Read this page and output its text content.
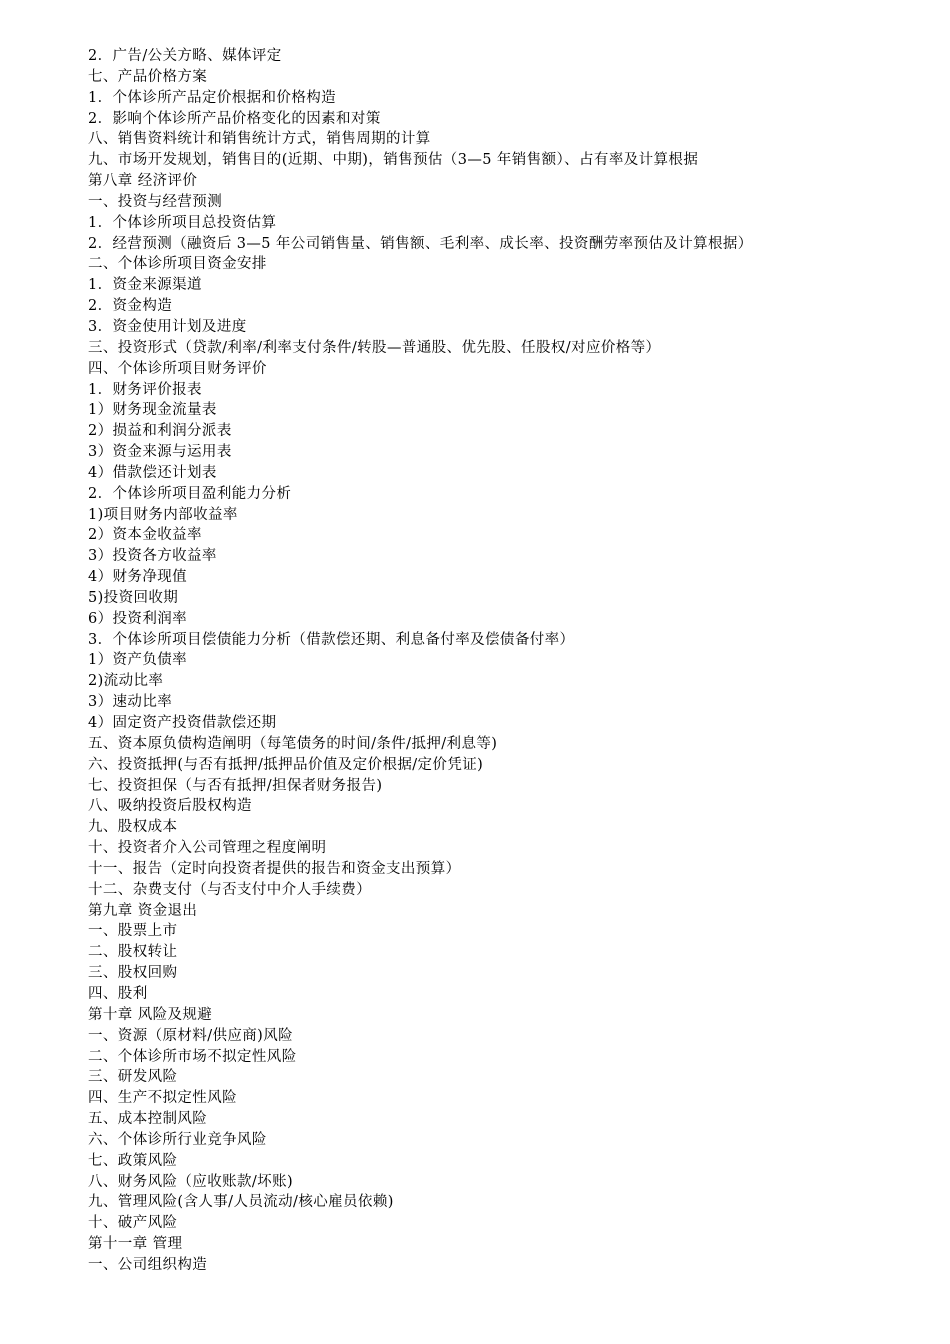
2．广告/公关方略、媒体评定
七、产品价格方案
1．个体诊所产品定价根据和价格构造
2．影响个体诊所产品价格变化的因素和对策
八、销售资料统计和销售统计方式，销售周期的计算
九、市场开发规划，销售目的(近期、中期)，销售预估（3—5 年销售额）、占有率及计算根据
第八章 经济评价
一、投资与经营预测
1．个体诊所项目总投资估算
2．经营预测（融资后 3—5 年公司销售量、销售额、毛利率、成长率、投资酬劳率预估及计算根据）
二、个体诊所项目资金安排
1．资金来源渠道
2．资金构造
3．资金使用计划及进度
三、投资形式（贷款/利率/利率支付条件/转股—普通股、优先股、任股权/对应价格等）
四、个体诊所项目财务评价
1．财务评价报表
1）财务现金流量表
2）损益和利润分派表
3）资金来源与运用表
4）借款偿还计划表
2．个体诊所项目盈利能力分析
1)项目财务内部收益率
2）资本金收益率
3）投资各方收益率
4）财务净现值
5)投资回收期
6）投资利润率
3．个体诊所项目偿债能力分析（借款偿还期、利息备付率及偿债备付率）
1）资产负债率
2)流动比率
3）速动比率
4）固定资产投资借款偿还期
五、资本原负债构造阐明（每笔债务的时间/条件/抵押/利息等)
六、投资抵押(与否有抵押/抵押品价值及定价根据/定价凭证)
七、投资担保（与否有抵押/担保者财务报告)
八、吸纳投资后股权构造
九、股权成本
十、投资者介入公司管理之程度阐明
十一、报告（定时向投资者提供的报告和资金支出预算）
十二、杂费支付（与否支付中介人手续费）
第九章 资金退出
一、股票上市
二、股权转让
三、股权回购
四、股利
第十章 风险及规避
一、资源（原材料/供应商)风险
二、个体诊所市场不拟定性风险
三、研发风险
四、生产不拟定性风险
五、成本控制风险
六、个体诊所行业竞争风险
七、政策风险
八、财务风险（应收账款/坏账)
九、管理风险(含人事/人员流动/核心雇员依赖)
十、破产风险
第十一章 管理
一、公司组织构造
